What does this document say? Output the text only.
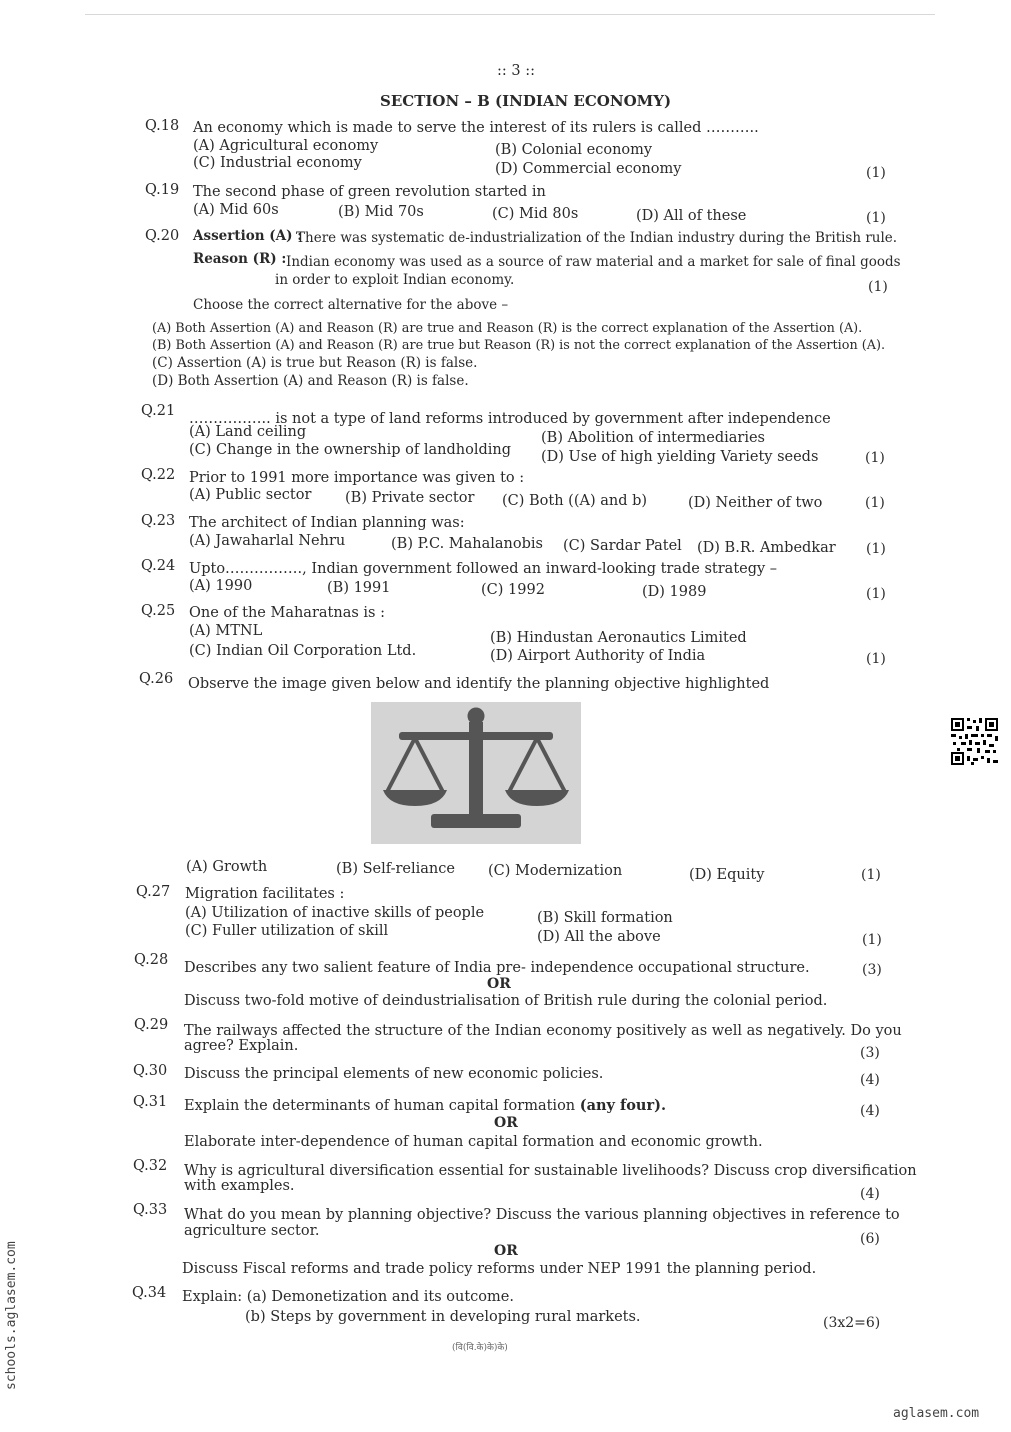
:: 3 ::
SECTION – B (INDIAN ECONOMY)
Q.18 An economy which is made to serve the interest of its rulers is called ………..
(A) Agricultural economy	(B) Colonial economy
(C) Industrial economy	(D) Commercial economy	(1)
Q.19 The second phase of green revolution started in
(A) Mid 60s	(B) Mid 70s	(C) Mid 80s	(D) All of these	(1)
Q.20 Assertion (A) :
There was systematic de-industrialization of the Indian industry during the British rule.
Reason (R) : Indian economy was used as a source of raw material and a market for sale of final goods
in order to exploit Indian economy.	(1)
Choose the correct alternative for the above –
(A) Both Assertion (A) and Reason (R) are true and Reason (R) is the correct explanation of the Assertion (A).
(B) Both Assertion (A) and Reason (R) are true but Reason (R) is not the correct explanation of the Assertion (A).
(C) Assertion (A) is true but Reason (R) is false.
(D) Both Assertion (A) and Reason (R) is false.
Q.21 …………….. is not a type of land reforms introduced by government after independence
(A) Land ceiling	(B) Abolition of intermediaries
(C) Change in the ownership of landholding (D) Use of high yielding Variety seeds	(1)
Q.22 Prior to 1991 more importance was given to :
(A) Public sector (B) Private sector (C) Both ((A) and b)	(D) Neither of two	(1)
Q.23 The architect of Indian planning was:
(A) Jawaharlal Nehru	(B) P.C. Mahalanobis (C) Sardar Patel (D) B.R. Ambedkar (1)
Q.24 Upto……………., Indian government followed an inward-looking trade strategy –
(A) 1990	(B) 1991	(C) 1992	(D) 1989	(1)
Q.25 One of the Maharatnas is :
(A) MTNL	(B) Hindustan Aeronautics Limited
(C) Indian Oil Corporation Ltd.	(D) Airport Authority of India	(1)
Q.26 Observe the image given below and identify the planning objective highlighted
(A) Growth	(B) Self-reliance (C) Modernization	(D) Equity	(1)
Q.27 Migration facilitates :
(A) Utilization of inactive skills of people	(B) Skill formation
(C) Fuller utilization of skill	(D) All the above	(1)
Q.28 Describes any two salient feature of India pre- independence occupational structure.	(3)
OR
Discuss two-fold motive of deindustrialisation of British rule during the colonial period.
Q.29 The railways affected the structure of the Indian economy positively as well as negatively. Do you
agree? Explain.	(3)
Q.30 Discuss the principal elements of new economic policies.	(4)
Q.31 Explain the determinants of human capital formation (any four).	(4)
OR
Elaborate inter-dependence of human capital formation and economic growth.
Q.32 Why is agricultural diversification essential for sustainable livelihoods? Discuss crop diversification
with examples.	(4)
Q.33 What do you mean by planning objective? Discuss the various planning objectives in reference to
agriculture sector.	(6)
OR
Discuss Fiscal reforms and trade policy reforms under NEP 1991 the planning period.
Q.34 Explain: (a) Demonetization and its outcome.
(b) Steps by government in developing rural markets.	(3x2=6)
(वि(वि.के)के)के)
schools.aglasem.com
aglasem.com
